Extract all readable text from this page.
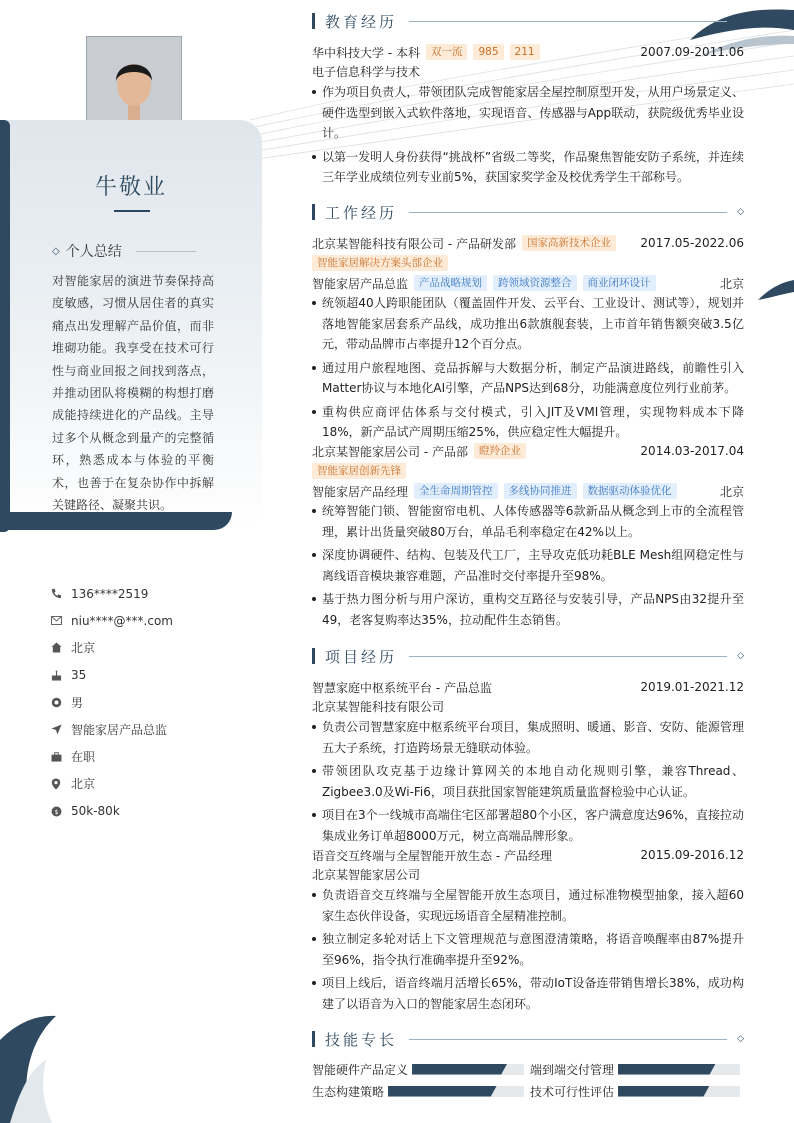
牛敬业
◇ 个人总结
对智能家居的演进节奏保持高度敏感，习惯从居住者的真实痛点出发理解产品价值，而非堆砌功能。我享受在技术可行性与商业回报之间找到落点，并推动团队将模糊的构想打磨成能持续进化的产品线。主导过多个从概念到量产的完整循环，熟悉成本与体验的平衡术，也善于在复杂协作中拆解关键路径、凝聚共识。
136****2519
niu****@***.com
北京
35
男
智能家居产品总监
在职
北京
$ 50k-80k
教育经历	◇
华中科技大学 - 本科	双一流	985	211	2007.09-2011.06
电子信息科学与技术
作为项目负责人，带领团队完成智能家居全屋控制原型开发，从用户场景定义、硬件选型到嵌入式软件落地，实现语音、传感器与App联动，获院级优秀毕业设计。
以第一发明人身份获得“挑战杯”省级二等奖，作品聚焦智能安防子系统，并连续三年学业成绩位列专业前5%，获国家奖学金及校优秀学生干部称号。
工作经历	◇
北京某智能科技有限公司 - 产品研发部	国家高新技术企业	2017.05-2022.06
智能家居解决方案头部企业
智能家居产品总监	产品战略规划	跨领域资源整合	商业闭环设计	北京
统领超40人跨职能团队（覆盖固件开发、云平台、工业设计、测试等），规划并落地智能家居套系产品线，成功推出6款旗舰套装，上市首年销售额突破3.5亿元，带动品牌市占率提升12个百分点。
通过用户旅程地图、竞品拆解与大数据分析，制定产品演进路线，前瞻性引入Matter协议与本地化AI引擎，产品NPS达到68分，功能满意度位列行业前茅。
重构供应商评估体系与交付模式，引入JIT及VMI管理，实现物料成本下降18%，新产品试产周期压缩25%，供应稳定性大幅提升。
北京某智能家居公司 - 产品部	瞪羚企业	2014.03-2017.04
智能家居创新先锋
智能家居产品经理	全生命周期管控	多线协同推进	数据驱动体验优化	北京
统筹智能门锁、智能窗帘电机、人体传感器等6款新品从概念到上市的全流程管理，累计出货量突破80万台，单品毛利率稳定在42%以上。
深度协调硬件、结构、包装及代工厂，主导攻克低功耗BLE Mesh组网稳定性与离线语音模块兼容难题，产品准时交付率提升至98%。
基于热力图分析与用户深访，重构交互路径与安装引导，产品NPS由32提升至49，老客复购率达35%，拉动配件生态销售。
项目经历	◇
智慧家庭中枢系统平台 - 产品总监	2019.01-2021.12
北京某智能科技有限公司
负责公司智慧家庭中枢系统平台项目，集成照明、暖通、影音、安防、能源管理五大子系统，打造跨场景无缝联动体验。
带领团队攻克基于边缘计算网关的本地自动化规则引擎，兼容Thread、Zigbee3.0及Wi-Fi6，项目获批国家智能建筑质量监督检验中心认证。
项目在3个一线城市高端住宅区部署超80个小区，客户满意度达96%，直接拉动集成业务订单超8000万元，树立高端品牌形象。
语音交互终端与全屋智能开放生态 - 产品经理	2015.09-2016.12
北京某智能家居公司
负责语音交互终端与全屋智能开放生态项目，通过标准物模型抽象，接入超60家生态伙伴设备，实现远场语音全屋精准控制。
独立制定多轮对话上下文管理规范与意图澄清策略，将语音唤醒率由87%提升至96%，指令执行准确率提升至92%。
项目上线后，语音终端月活增长65%，带动IoT设备连带销售增长38%，成功构建了以语音为入口的智能家居生态闭环。
技能专长	◇
智能硬件产品定义	端到端交付管理
生态构建策略	技术可行性评估
